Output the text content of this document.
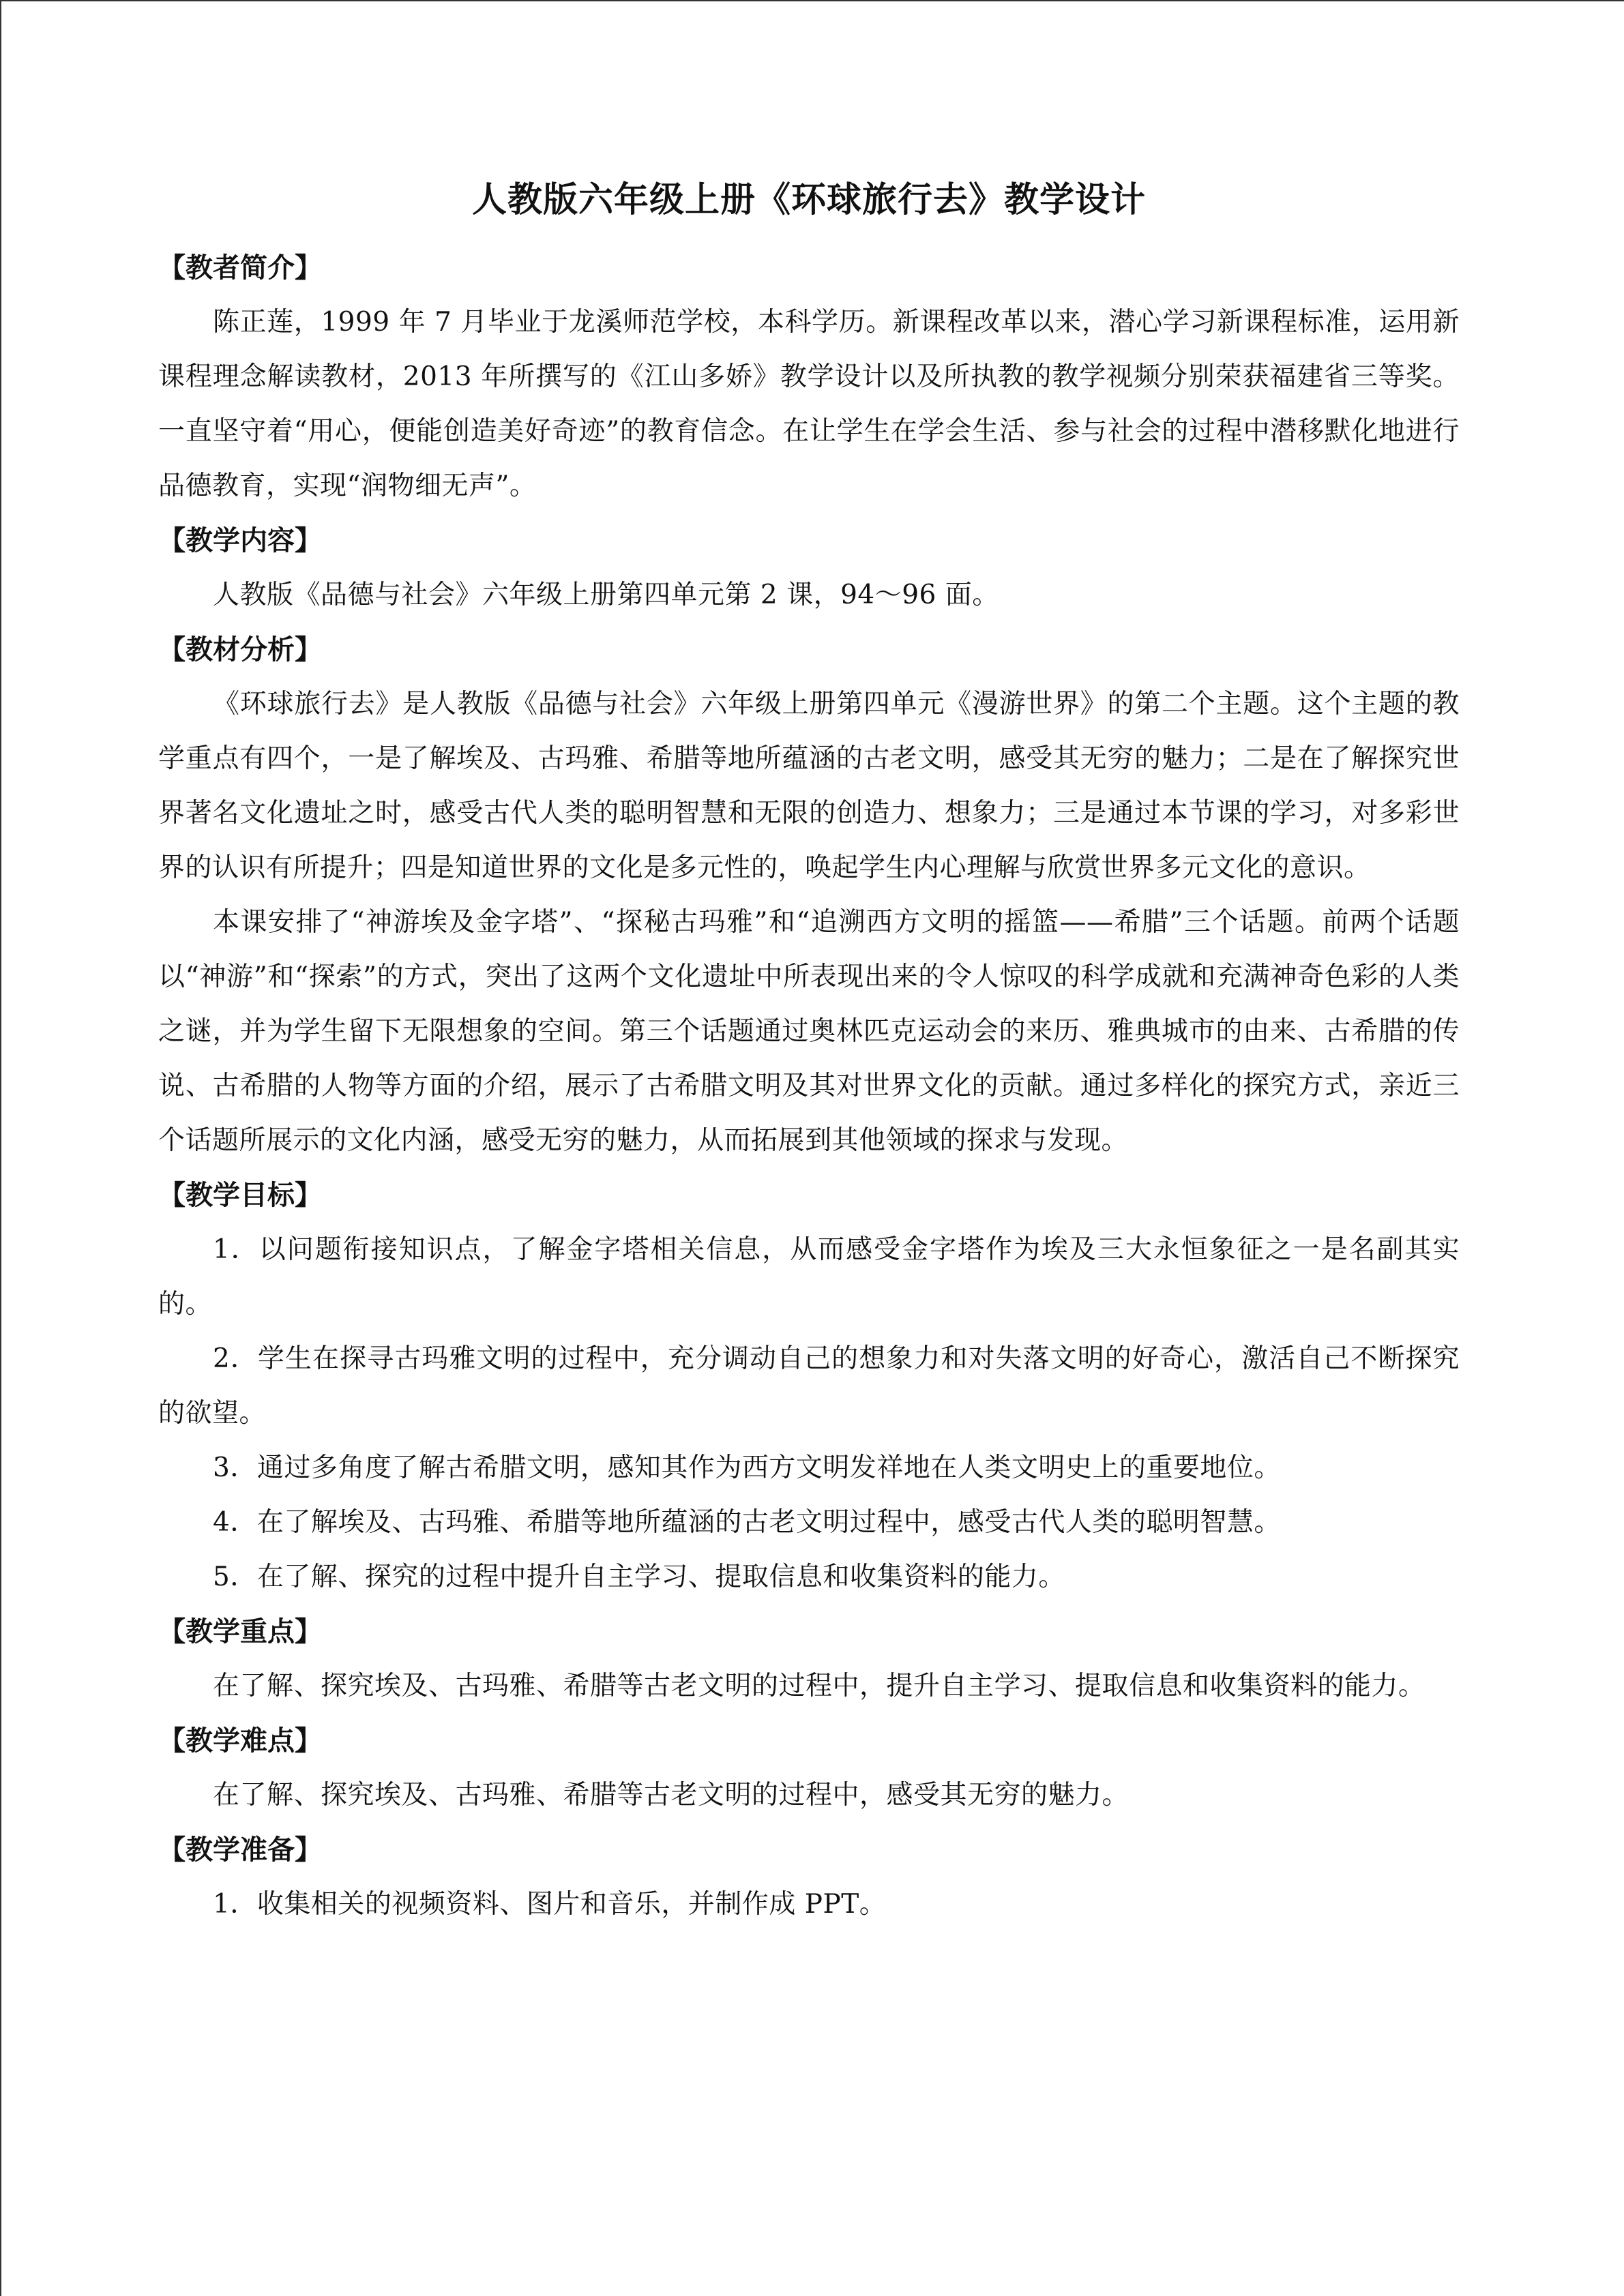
人教版六年级上册《环球旅行去》教学设计
【教者简介】

陈正莲，1999 年 7 月毕业于龙溪师范学校，本科学历。新课程改革以来，潜心学习新课程标准，运用新课程理念解读教材，2013 年所撰写的《江山多娇》教学设计以及所执教的教学视频分别荣获福建省三等奖。一直坚守着“用心，便能创造美好奇迹”的教育信念。在让学生在学会生活、参与社会的过程中潜移默化地进行品德教育，实现“润物细无声”。

【教学内容】

人教版《品德与社会》六年级上册第四单元第 2 课，94～96 面。

【教材分析】

《环球旅行去》是人教版《品德与社会》六年级上册第四单元《漫游世界》的第二个主题。这个主题的教学重点有四个，一是了解埃及、古玛雅、希腊等地所蕴涵的古老文明，感受其无穷的魅力；二是在了解探究世界著名文化遗址之时，感受古代人类的聪明智慧和无限的创造力、想象力；三是通过本节课的学习，对多彩世界的认识有所提升；四是知道世界的文化是多元性的，唤起学生内心理解与欣赏世界多元文化的意识。

本课安排了“神游埃及金字塔”、“探秘古玛雅”和“追溯西方文明的摇篮——希腊”三个话题。前两个话题以“神游”和“探索”的方式，突出了这两个文化遗址中所表现出来的令人惊叹的科学成就和充满神奇色彩的人类之谜，并为学生留下无限想象的空间。第三个话题通过奥林匹克运动会的来历、雅典城市的由来、古希腊的传说、古希腊的人物等方面的介绍，展示了古希腊文明及其对世界文化的贡献。通过多样化的探究方式，亲近三个话题所展示的文化内涵，感受无穷的魅力，从而拓展到其他领域的探求与发现。

【教学目标】

1．以问题衔接知识点，了解金字塔相关信息，从而感受金字塔作为埃及三大永恒象征之一是名副其实的。

2．学生在探寻古玛雅文明的过程中，充分调动自己的想象力和对失落文明的好奇心，激活自己不断探究的欲望。

3．通过多角度了解古希腊文明，感知其作为西方文明发祥地在人类文明史上的重要地位。

4．在了解埃及、古玛雅、希腊等地所蕴涵的古老文明过程中，感受古代人类的聪明智慧。

5．在了解、探究的过程中提升自主学习、提取信息和收集资料的能力。

【教学重点】

在了解、探究埃及、古玛雅、希腊等古老文明的过程中，提升自主学习、提取信息和收集资料的能力。

【教学难点】

在了解、探究埃及、古玛雅、希腊等古老文明的过程中，感受其无穷的魅力。

【教学准备】

1．收集相关的视频资料、图片和音乐，并制作成 PPT。
